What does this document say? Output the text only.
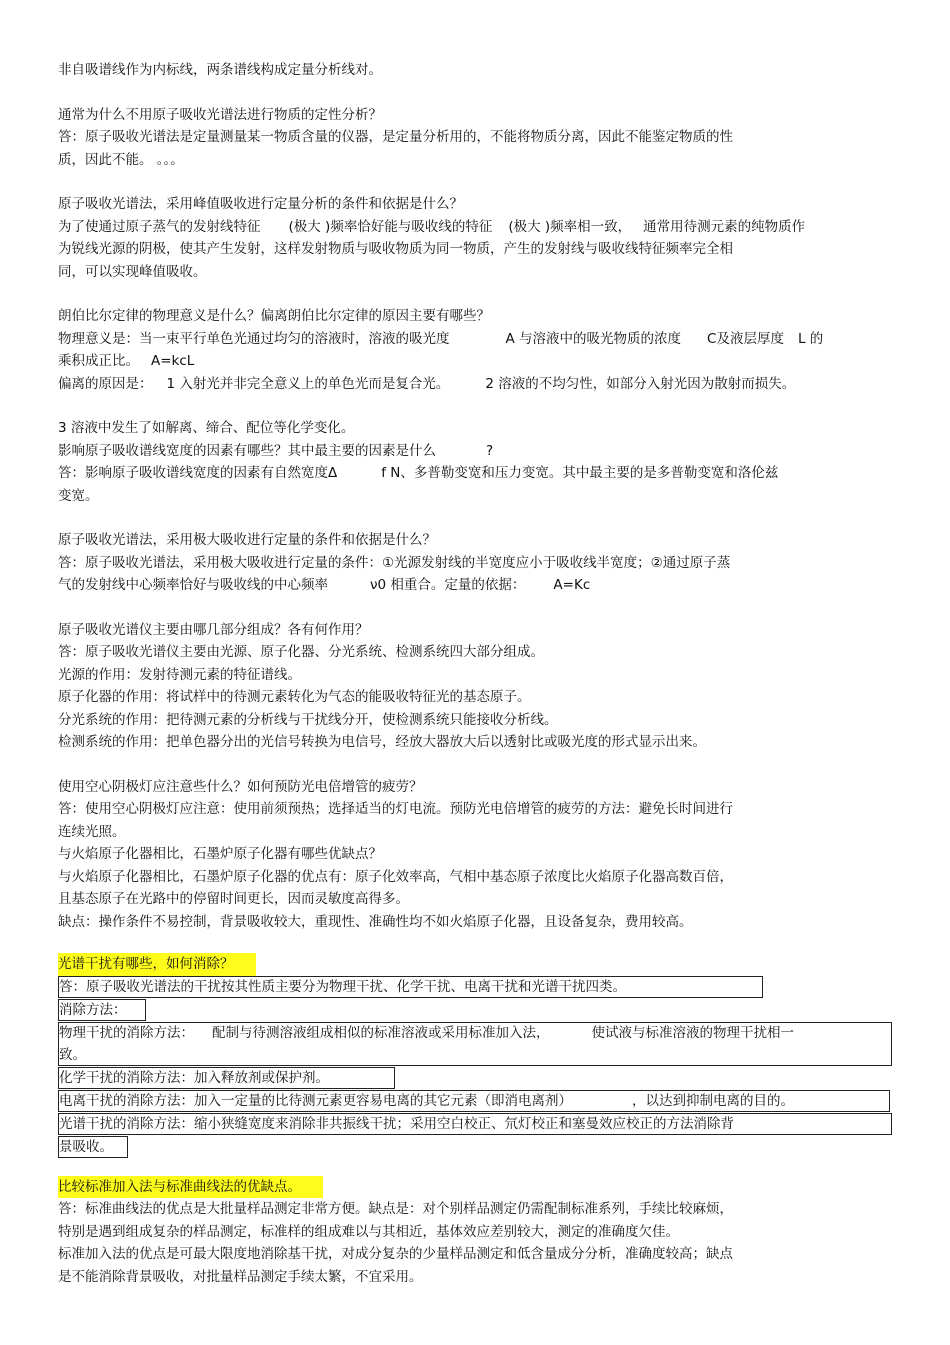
非自吸谱线作为内标线，两条谱线构成定量分析线对。
通常为什么不用原子吸收光谱法进行物质的定性分析？
答：原子吸收光谱法是定量测量某一物质含量的仪器，是定量分析用的，不能将物质分离，因此不能鉴定物质的性
质，因此不能。 。。。
原子吸收光谱法，采用峰值吸收进行定量分析的条件和依据是什么？
为了使通过原子蒸气的发射线特征 (极大 )频率恰好能与吸收线的特征 (极大 )频率相一致， 通常用待测元素的纯物质作
为锐线光源的阴极，使其产生发射，这样发射物质与吸收物质为同一物质，产生的发射线与吸收线特征频率完全相
同，可以实现峰值吸收。
朗伯比尔定律的物理意义是什么？偏离朗伯比尔定律的原因主要有哪些？
物理意义是：当一束平行单色光通过均匀的溶液时，溶液的吸光度	A 与溶液中的吸光物质的浓度 C及液层厚度 L 的
乘积成正比。 A=kcL
偏离的原因是： 1 入射光并非完全意义上的单色光而是复合光。	2 溶液的不均匀性，如部分入射光因为散射而损失。
3 溶液中发生了如解离、缔合、配位等化学变化。
影响原子吸收谱线宽度的因素有哪些？其中最主要的因素是什么	?
答：影响原子吸收谱线宽度的因素有自然宽度Δ	f N、多普勒变宽和压力变宽。其中最主要的是多普勒变宽和洛伦兹
变宽。
原子吸收光谱法，采用极大吸收进行定量的条件和依据是什么？
答：原子吸收光谱法，采用极大吸收进行定量的条件：①光源发射线的半宽度应小于吸收线半宽度；②通过原子蒸
气的发射线中心频率恰好与吸收线的中心频率	ν0 相重合。定量的依据： A=Kc
原子吸收光谱仪主要由哪几部分组成？各有何作用？
答：原子吸收光谱仪主要由光源、原子化器、分光系统、检测系统四大部分组成。
光源的作用：发射待测元素的特征谱线。
原子化器的作用：将试样中的待测元素转化为气态的能吸收特征光的基态原子。
分光系统的作用：把待测元素的分析线与干扰线分开，使检测系统只能接收分析线。
检测系统的作用：把单色器分出的光信号转换为电信号，经放大器放大后以透射比或吸光度的形式显示出来。
使用空心阴极灯应注意些什么？如何预防光电倍增管的疲劳？
答：使用空心阴极灯应注意：使用前须预热；选择适当的灯电流。预防光电倍增管的疲劳的方法：避免长时间进行
连续光照。
与火焰原子化器相比，石墨炉原子化器有哪些优缺点？
与火焰原子化器相比，石墨炉原子化器的优点有：原子化效率高，气相中基态原子浓度比火焰原子化器高数百倍，
且基态原子在光路中的停留时间更长，因而灵敏度高得多。
缺点：操作条件不易控制，背景吸收较大，重现性、准确性均不如火焰原子化器，且设备复杂，费用较高。
光谱干扰有哪些，如何消除？
答：原子吸收光谱法的干扰按其性质主要分为物理干扰、化学干扰、电离干扰和光谱干扰四类。
消除方法：
物理干扰的消除方法： 配制与待测溶液组成相似的标准溶液或采用标准加入法，	使试液与标准溶液的物理干扰相一
致。
化学干扰的消除方法：加入释放剂或保护剂。
电离干扰的消除方法：加入一定量的比待测元素更容易电离的其它元素（即消电离剂）	，以达到抑制电离的目的。
光谱干扰的消除方法：缩小狭缝宽度来消除非共振线干扰；采用空白校正、氘灯校正和塞曼效应校正的方法消除背
景吸收。
比较标准加入法与标准曲线法的优缺点。
答：标准曲线法的优点是大批量样品测定非常方便。缺点是：对个别样品测定仍需配制标准系列，手续比较麻烦，
特别是遇到组成复杂的样品测定，标准样的组成难以与其相近，基体效应差别较大，测定的准确度欠佳。
标准加入法的优点是可最大限度地消除基干扰，对成分复杂的少量样品测定和低含量成分分析，准确度较高；缺点
是不能消除背景吸收，对批量样品测定手续太繁，不宜采用。
